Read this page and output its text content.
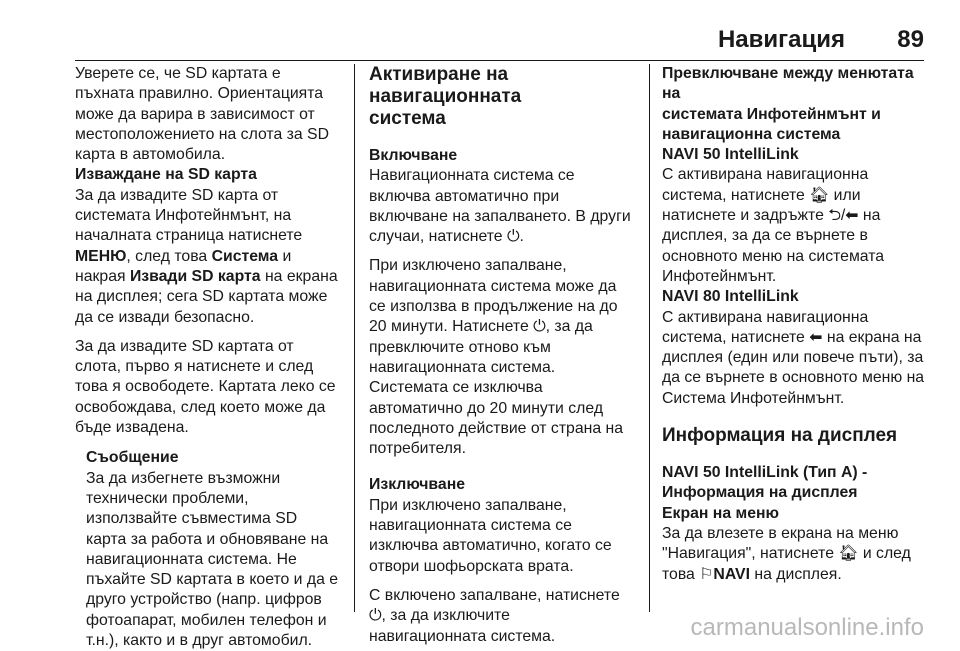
Навигация 89

Уверете се, че SD картата е
пъхната правилно. Ориентацията
може да варира в зависимост от
местоположението на слота за SD
карта в автомобила.

Изваждане на SD карта

За да извадите SD карта от
системата Инфотейнмънт, на
началната страница натиснете
МЕНЮ, след това Система и
накрая Извади SD карта на екрана
на дисплея; сега SD картата може
да се извади безопасно.

За да извадите SD картата от
слота, първо я натиснете и след
това я освободете. Картата леко се
освобождава, след което може да
бъде извадена.

Съобщение

За да избегнете възможни
технически проблеми,
използвайте съвместима SD
карта за работа и обновяване на
навигационната система. Не
пъхайте SD картата в което и да е
друго устройство (напр. цифров
фотоапарат, мобилен телефон и
т.н.), както и в друг автомобил.

Активиране на навигационната
система

Включване

Навигационната система се
включва автоматично при
включване на запалването. В други
случаи, натиснете ⏻.

При изключено запалване,
навигационната система може да
се използва в продължение на до
20 минути. Натиснете ⏻, за да
превключите отново към
навигационната система.
Системата се изключва
автоматично до 20 минути след
последното действие от страна на
потребителя.

Изключване

При изключено запалване,
навигационната система се
изключва автоматично, когато се
отвори шофьорската врата.

С включено запалване, натиснете
⏻, за да изключите
навигационната система.

Превключване между менютата на
системата Инфотейнмънт и
навигационна система

NAVI 50 IntelliLink

С активирана навигационна
система, натиснете 🏠︎ или
натиснете и задръжте ⮌/⬅ на
дисплея, за да се върнете в
основното меню на системата
Инфотейнмънт.

NAVI 80 IntelliLink

С активирана навигационна
система, натиснете ⬅ на екрана на
дисплея (един или повече пъти), за
да се върнете в основното меню на
Система Инфотейнмънт.

Информация на дисплея

NAVI 50 IntelliLink (Тип A) -
Информация на дисплея

Екран на меню

За да влезете в екрана на меню
"Навигация", натиснете 🏠︎ и след
това ⚐NAVI на дисплея.

carmanualsonline.info
